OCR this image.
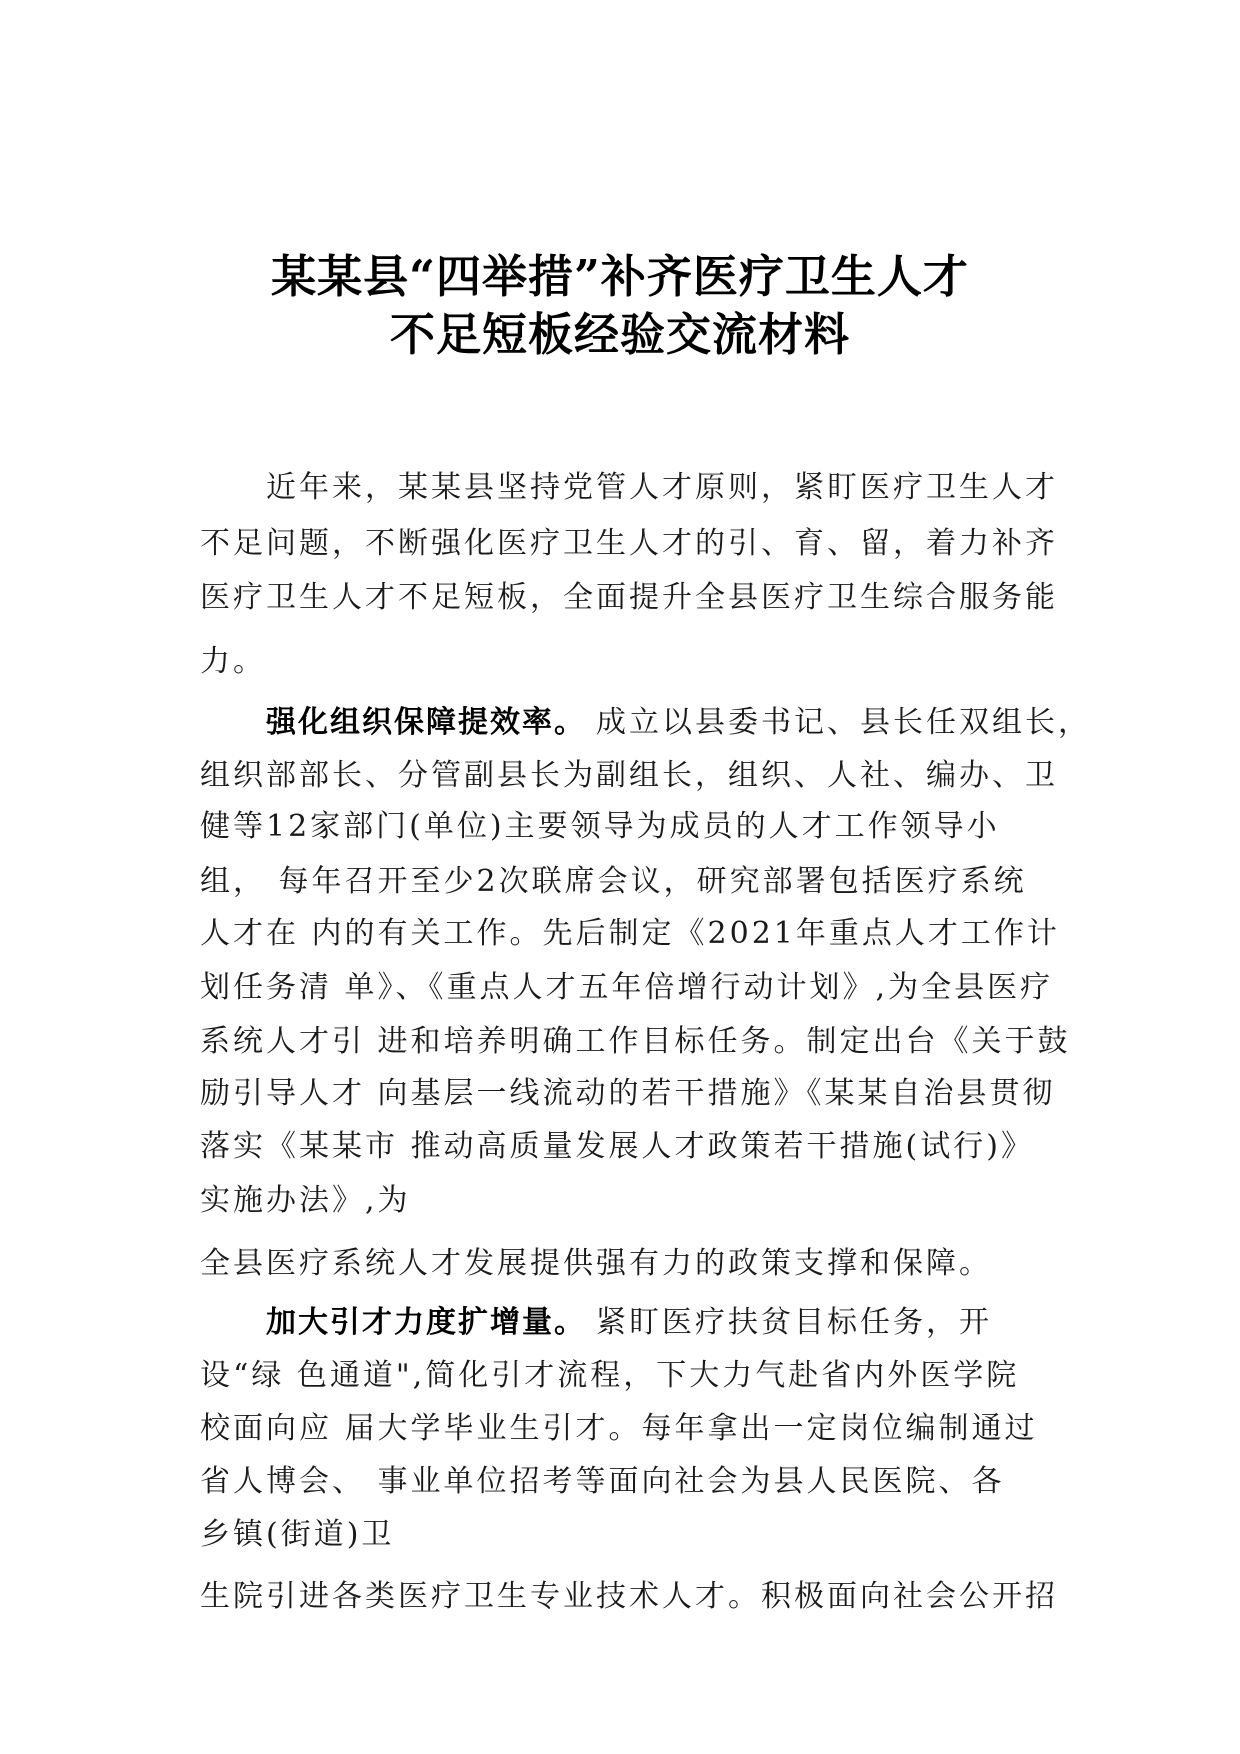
某某县“四举措”补齐医疗卫生人才
不足短板经验交流材料

近年来，某某县坚持党管人才原则，紧盯医疗卫生人才

不足问题，不断强化医疗卫生人才的引、育、留，着力补齐

医疗卫生人才不足短板，全面提升全县医疗卫生综合服务能

力。

强化组织保障提效率。 成立以县委书记、县长任双组长，

组织部部长、分管副县长为副组长，组织、人社、编办、卫

健等12家部门(单位)主要领导为成员的人才工作领导小

组， 每年召开至少2次联席会议，研究部署包括医疗系统

人才在 内的有关工作。先后制定《2021年重点人才工作计

划任务清 单》、《重点人才五年倍增行动计划》,为全县医疗

系统人才引 进和培养明确工作目标任务。制定出台《关于鼓

励引导人才 向基层一线流动的若干措施》《某某自治县贯彻

落实《某某市 推动高质量发展人才政策若干措施(试行)》

实施办法》,为

全县医疗系统人才发展提供强有力的政策支撑和保障。

加大引才力度扩增量。 紧盯医疗扶贫目标任务，开

设“绿 色通道",简化引才流程，下大力气赴省内外医学院

校面向应 届大学毕业生引才。每年拿出一定岗位编制通过

省人博会、 事业单位招考等面向社会为县人民医院、各

乡镇(街道)卫

生院引进各类医疗卫生专业技术人才。积极面向社会公开招
